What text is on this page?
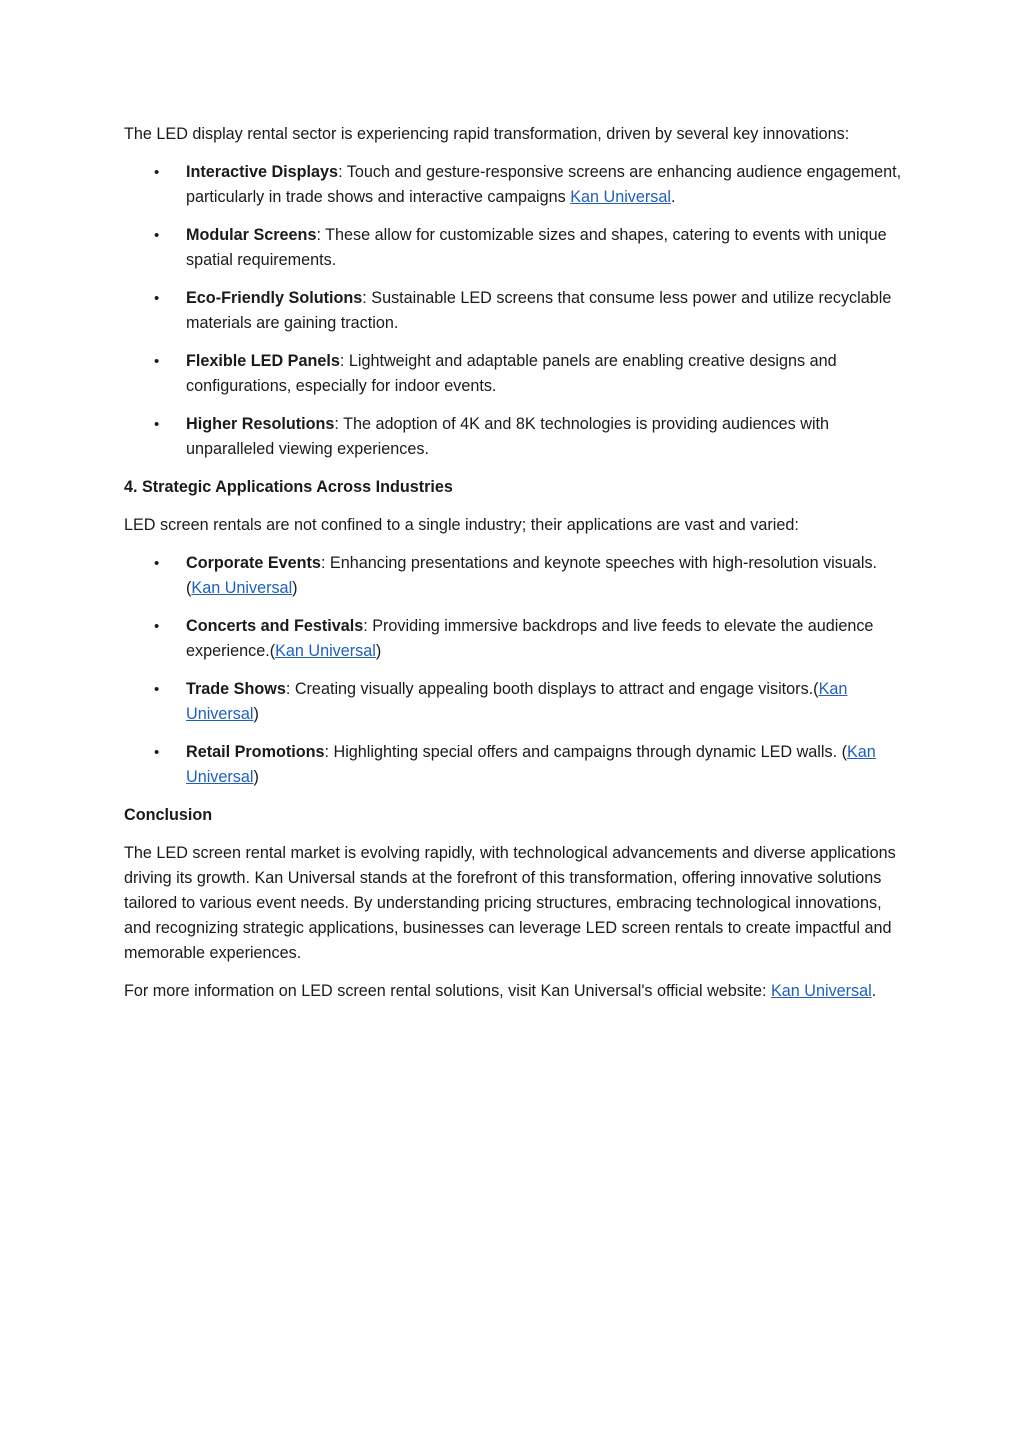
The LED display rental sector is experiencing rapid transformation, driven by several key innovations:

• Interactive Displays: Touch and gesture-responsive screens are enhancing audience engagement, particularly in trade shows and interactive campaigns Kan Universal.
• Modular Screens: These allow for customizable sizes and shapes, catering to events with unique spatial requirements.
• Eco-Friendly Solutions: Sustainable LED screens that consume less power and utilize recyclable materials are gaining traction.
• Flexible LED Panels: Lightweight and adaptable panels are enabling creative designs and configurations, especially for indoor events.
• Higher Resolutions: The adoption of 4K and 8K technologies is providing audiences with unparalleled viewing experiences.

4. Strategic Applications Across Industries

LED screen rentals are not confined to a single industry; their applications are vast and varied:

• Corporate Events: Enhancing presentations and keynote speeches with high-resolution visuals.(Kan Universal)
• Concerts and Festivals: Providing immersive backdrops and live feeds to elevate the audience experience.(Kan Universal)
• Trade Shows: Creating visually appealing booth displays to attract and engage visitors.(Kan Universal)
• Retail Promotions: Highlighting special offers and campaigns through dynamic LED walls. (Kan Universal)

Conclusion

The LED screen rental market is evolving rapidly, with technological advancements and diverse applications driving its growth. Kan Universal stands at the forefront of this transformation, offering innovative solutions tailored to various event needs. By understanding pricing structures, embracing technological innovations, and recognizing strategic applications, businesses can leverage LED screen rentals to create impactful and memorable experiences.

For more information on LED screen rental solutions, visit Kan Universal's official website: Kan Universal.
